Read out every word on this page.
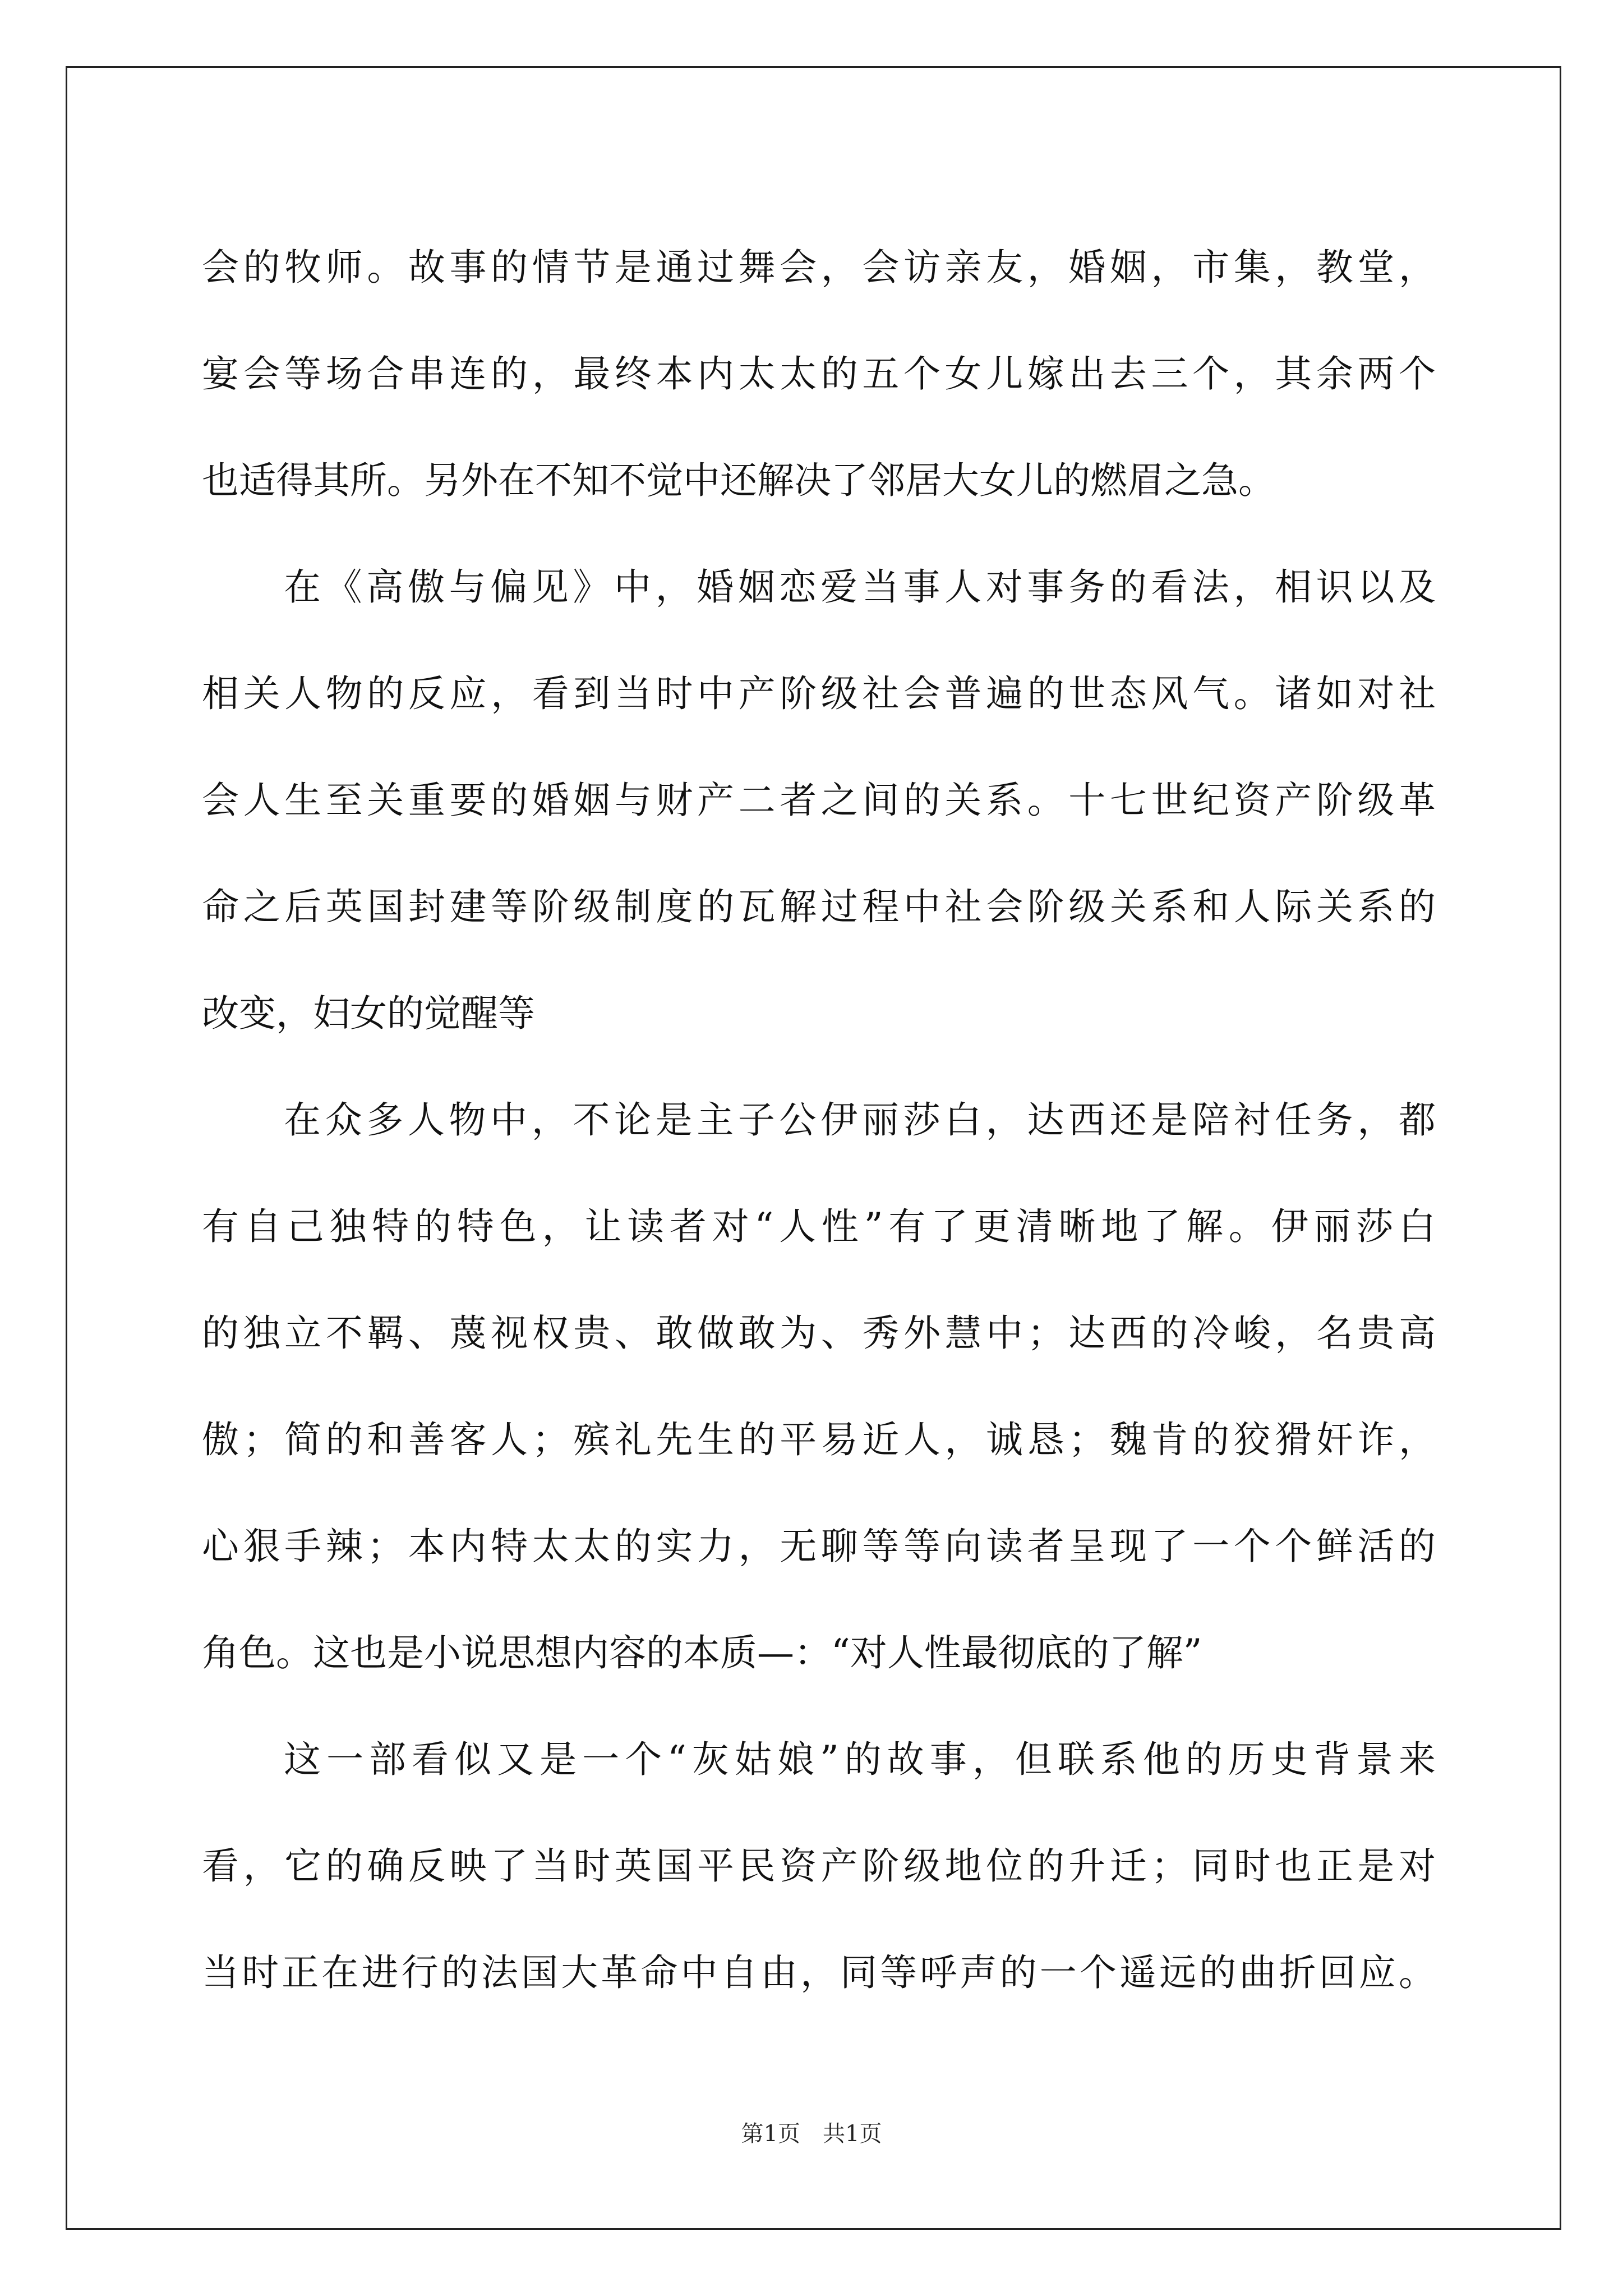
会的牧师。故事的情节是通过舞会，会访亲友，婚姻，市集，教堂，
宴会等场合串连的，最终本内太太的五个女儿嫁出去三个，其余两个
也适得其所。另外在不知不觉中还解决了邻居大女儿的燃眉之急。
在《高傲与偏见》中，婚姻恋爱当事人对事务的看法，相识以及
相关人物的反应，看到当时中产阶级社会普遍的世态风气。诸如对社
会人生至关重要的婚姻与财产二者之间的关系。十七世纪资产阶级革
命之后英国封建等阶级制度的瓦解过程中社会阶级关系和人际关系的
改变，妇女的觉醒等
在众多人物中，不论是主子公伊丽莎白，达西还是陪衬任务，都
有自己独特的特色，让读者对“人性”有了更清晰地了解。伊丽莎白
的独立不羁、蔑视权贵、敢做敢为、秀外慧中；达西的冷峻，名贵高
傲；简的和善客人；殡礼先生的平易近人，诚恳；魏肯的狡猾奸诈，
心狠手辣；本内特太太的实力，无聊等等向读者呈现了一个个鲜活的
角色。这也是小说思想内容的本质—：“对人性最彻底的了解”
这一部看似又是一个“灰姑娘”的故事，但联系他的历史背景来
看，它的确反映了当时英国平民资产阶级地位的升迁；同时也正是对
当时正在进行的法国大革命中自由，同等呼声的一个遥远的曲折回应。
第1页　共1页
